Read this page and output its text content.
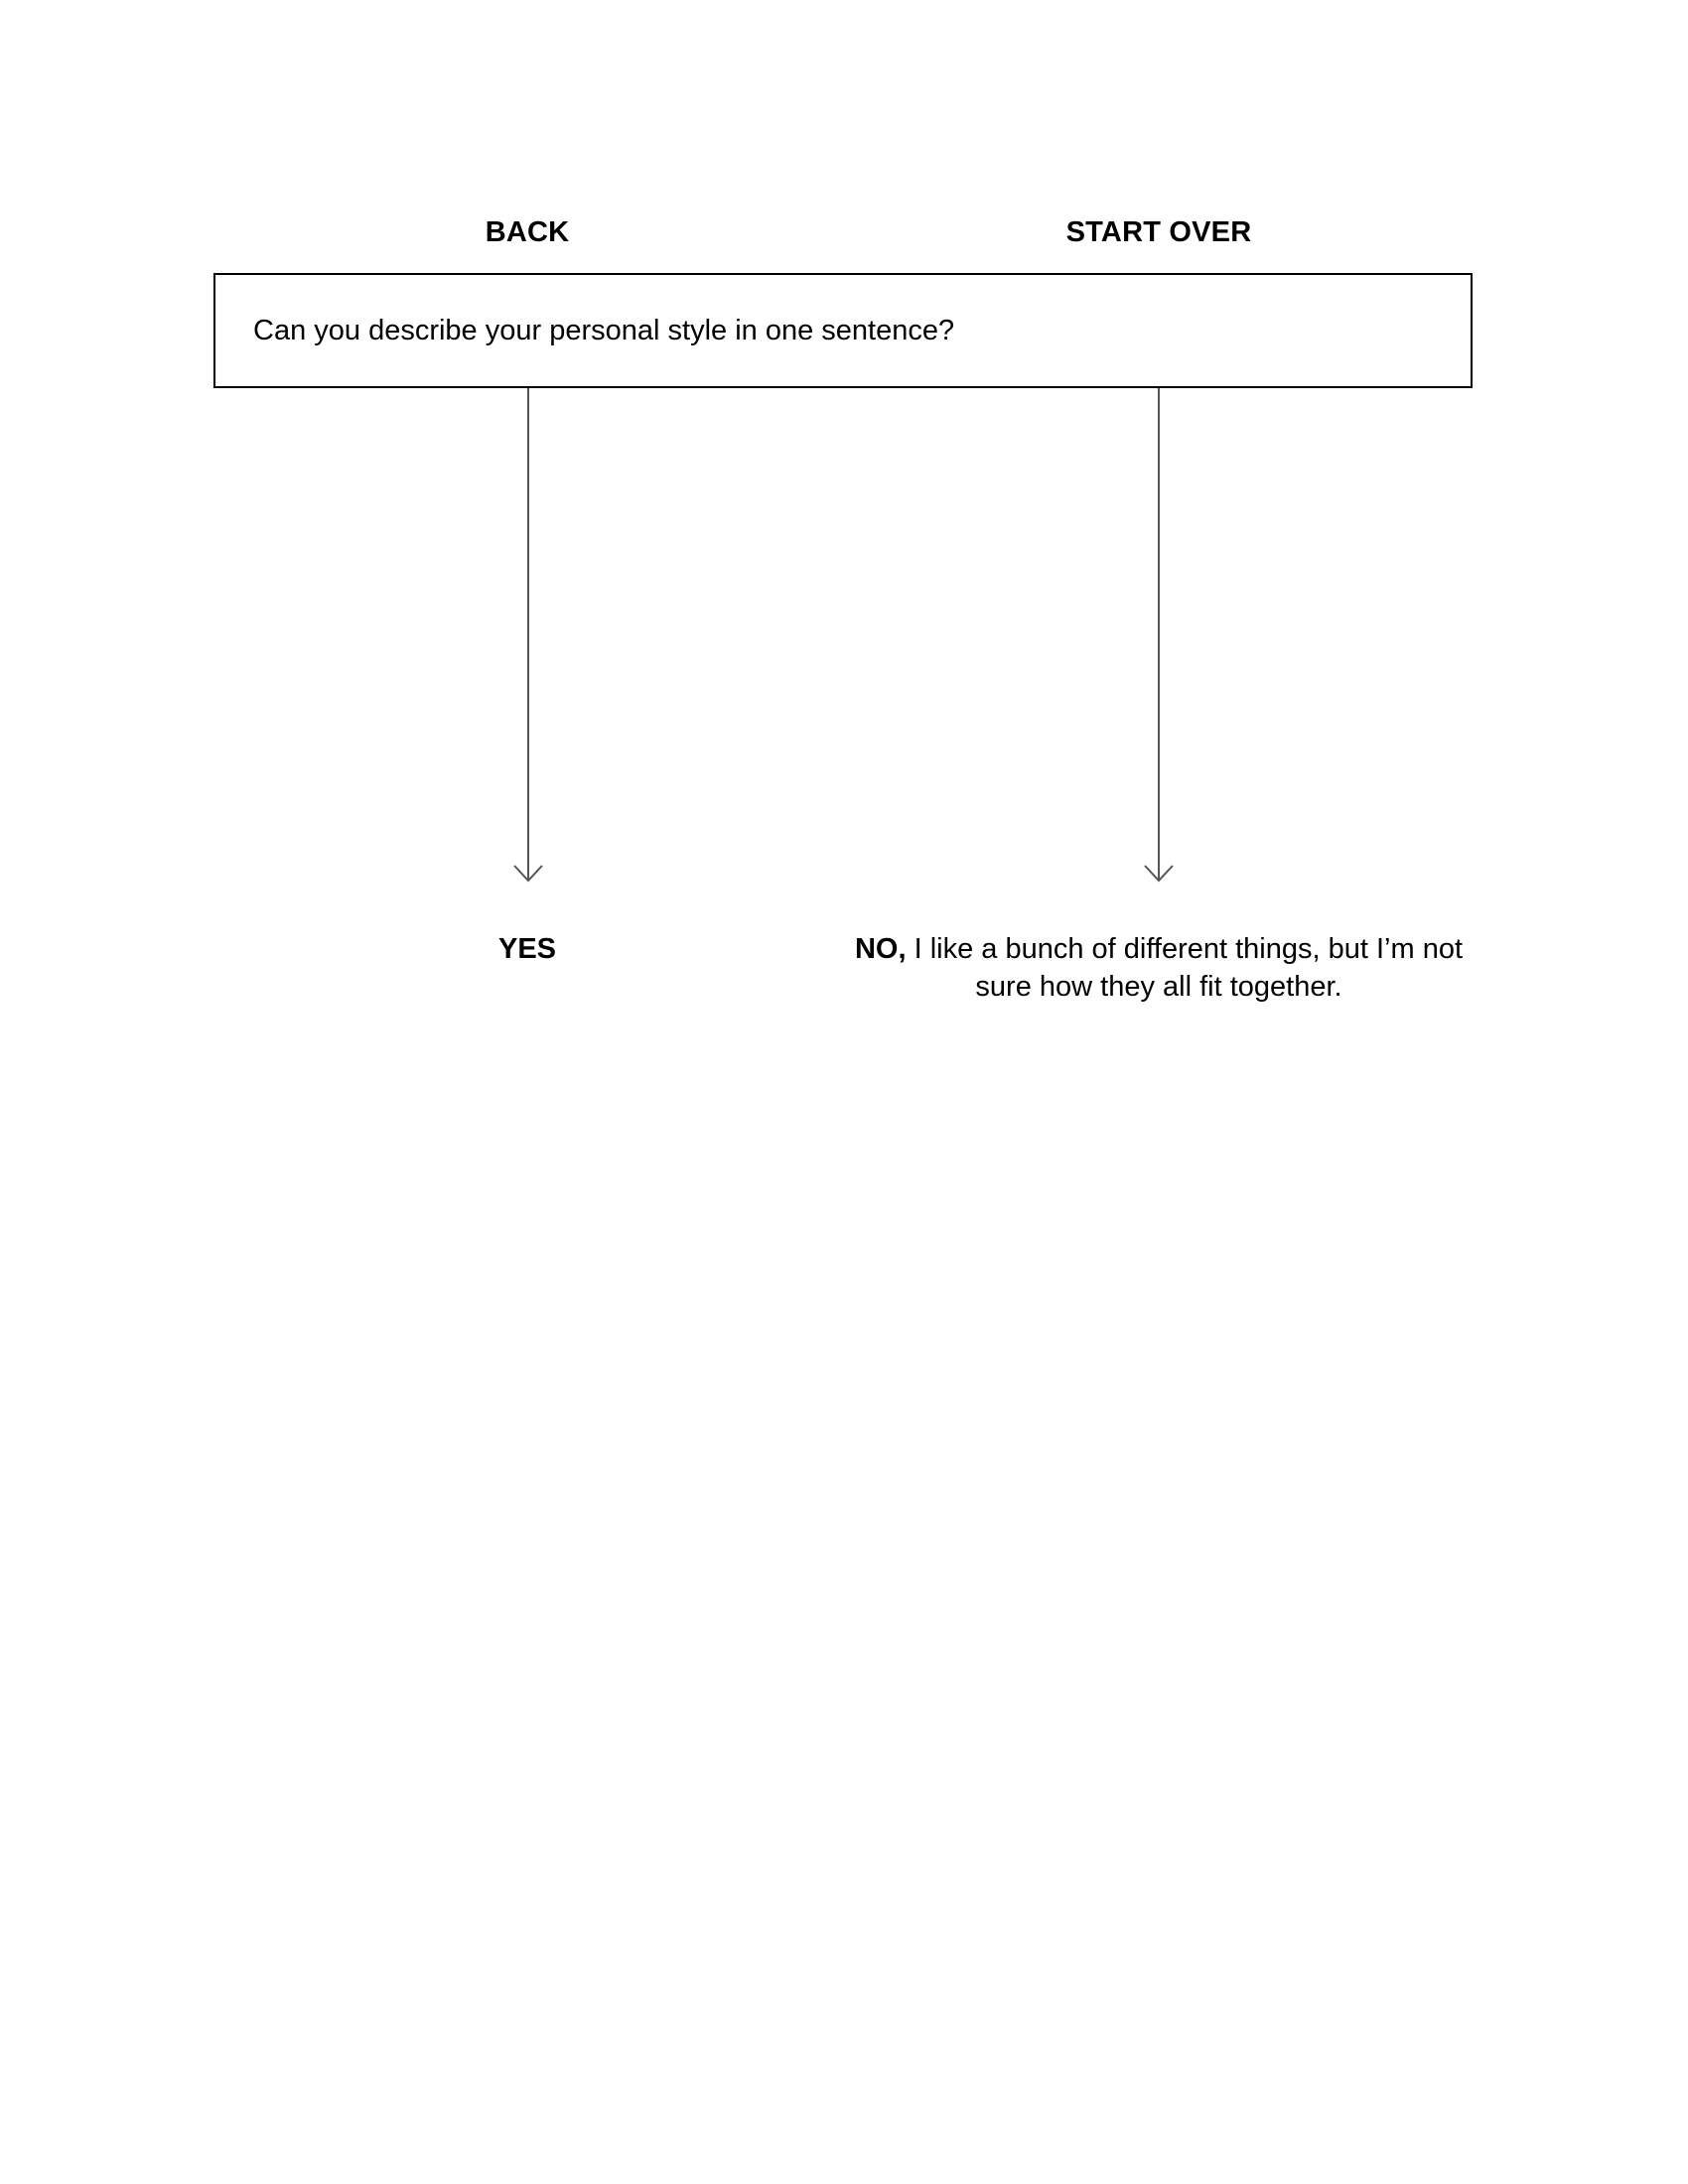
BACK	START OVER
Can you describe your personal style in one sentence?
YES	NO, I like a bunch of different things, but I’m not sure how they all fit together.
